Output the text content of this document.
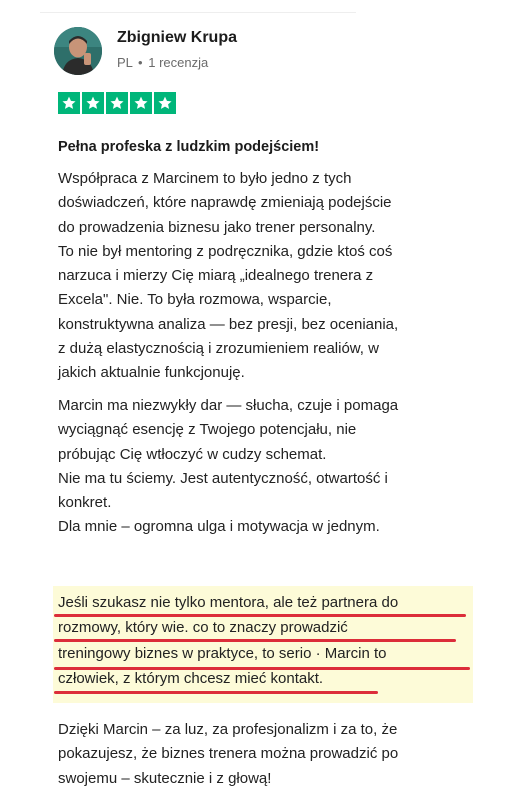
Zbigniew Krupa
PL • 1 recenzja
Pełna profeska z ludzkim podejściem!

Współpraca z Marcinem to było jedno z tych
doświadczeń, które naprawdę zmieniają podejście
do prowadzenia biznesu jako trener personalny.
To nie był mentoring z podręcznika, gdzie ktoś coś
narzuca i mierzy Cię miarą „idealnego trenera z
Excela". Nie. To była rozmowa, wsparcie,
konstruktywna analiza — bez presji, bez oceniania,
z dużą elastycznością i zrozumieniem realiów, w
jakich aktualnie funkcjonuję.

Marcin ma niezwykły dar — słucha, czuje i pomaga
wyciągnąć esencję z Twojego potencjału, nie
próbując Cię wtłoczyć w cudzy schemat.
Nie ma tu ściemy. Jest autentyczność, otwartość i
konkret.
Dla mnie – ogromna ulga i motywacja w jednym.

Jeśli szukasz nie tylko mentora, ale też partnera do
rozmowy, który wie. co to znaczy prowadzić
treningowy biznes w praktyce, to serio · Marcin to
człowiek, z którym chcesz mieć kontakt.

Dzięki Marcin – za luz, za profesjonalizm i za to, że
pokazujesz, że biznes trenera można prowadzić po
swojemu – skutecznie i z głową!
